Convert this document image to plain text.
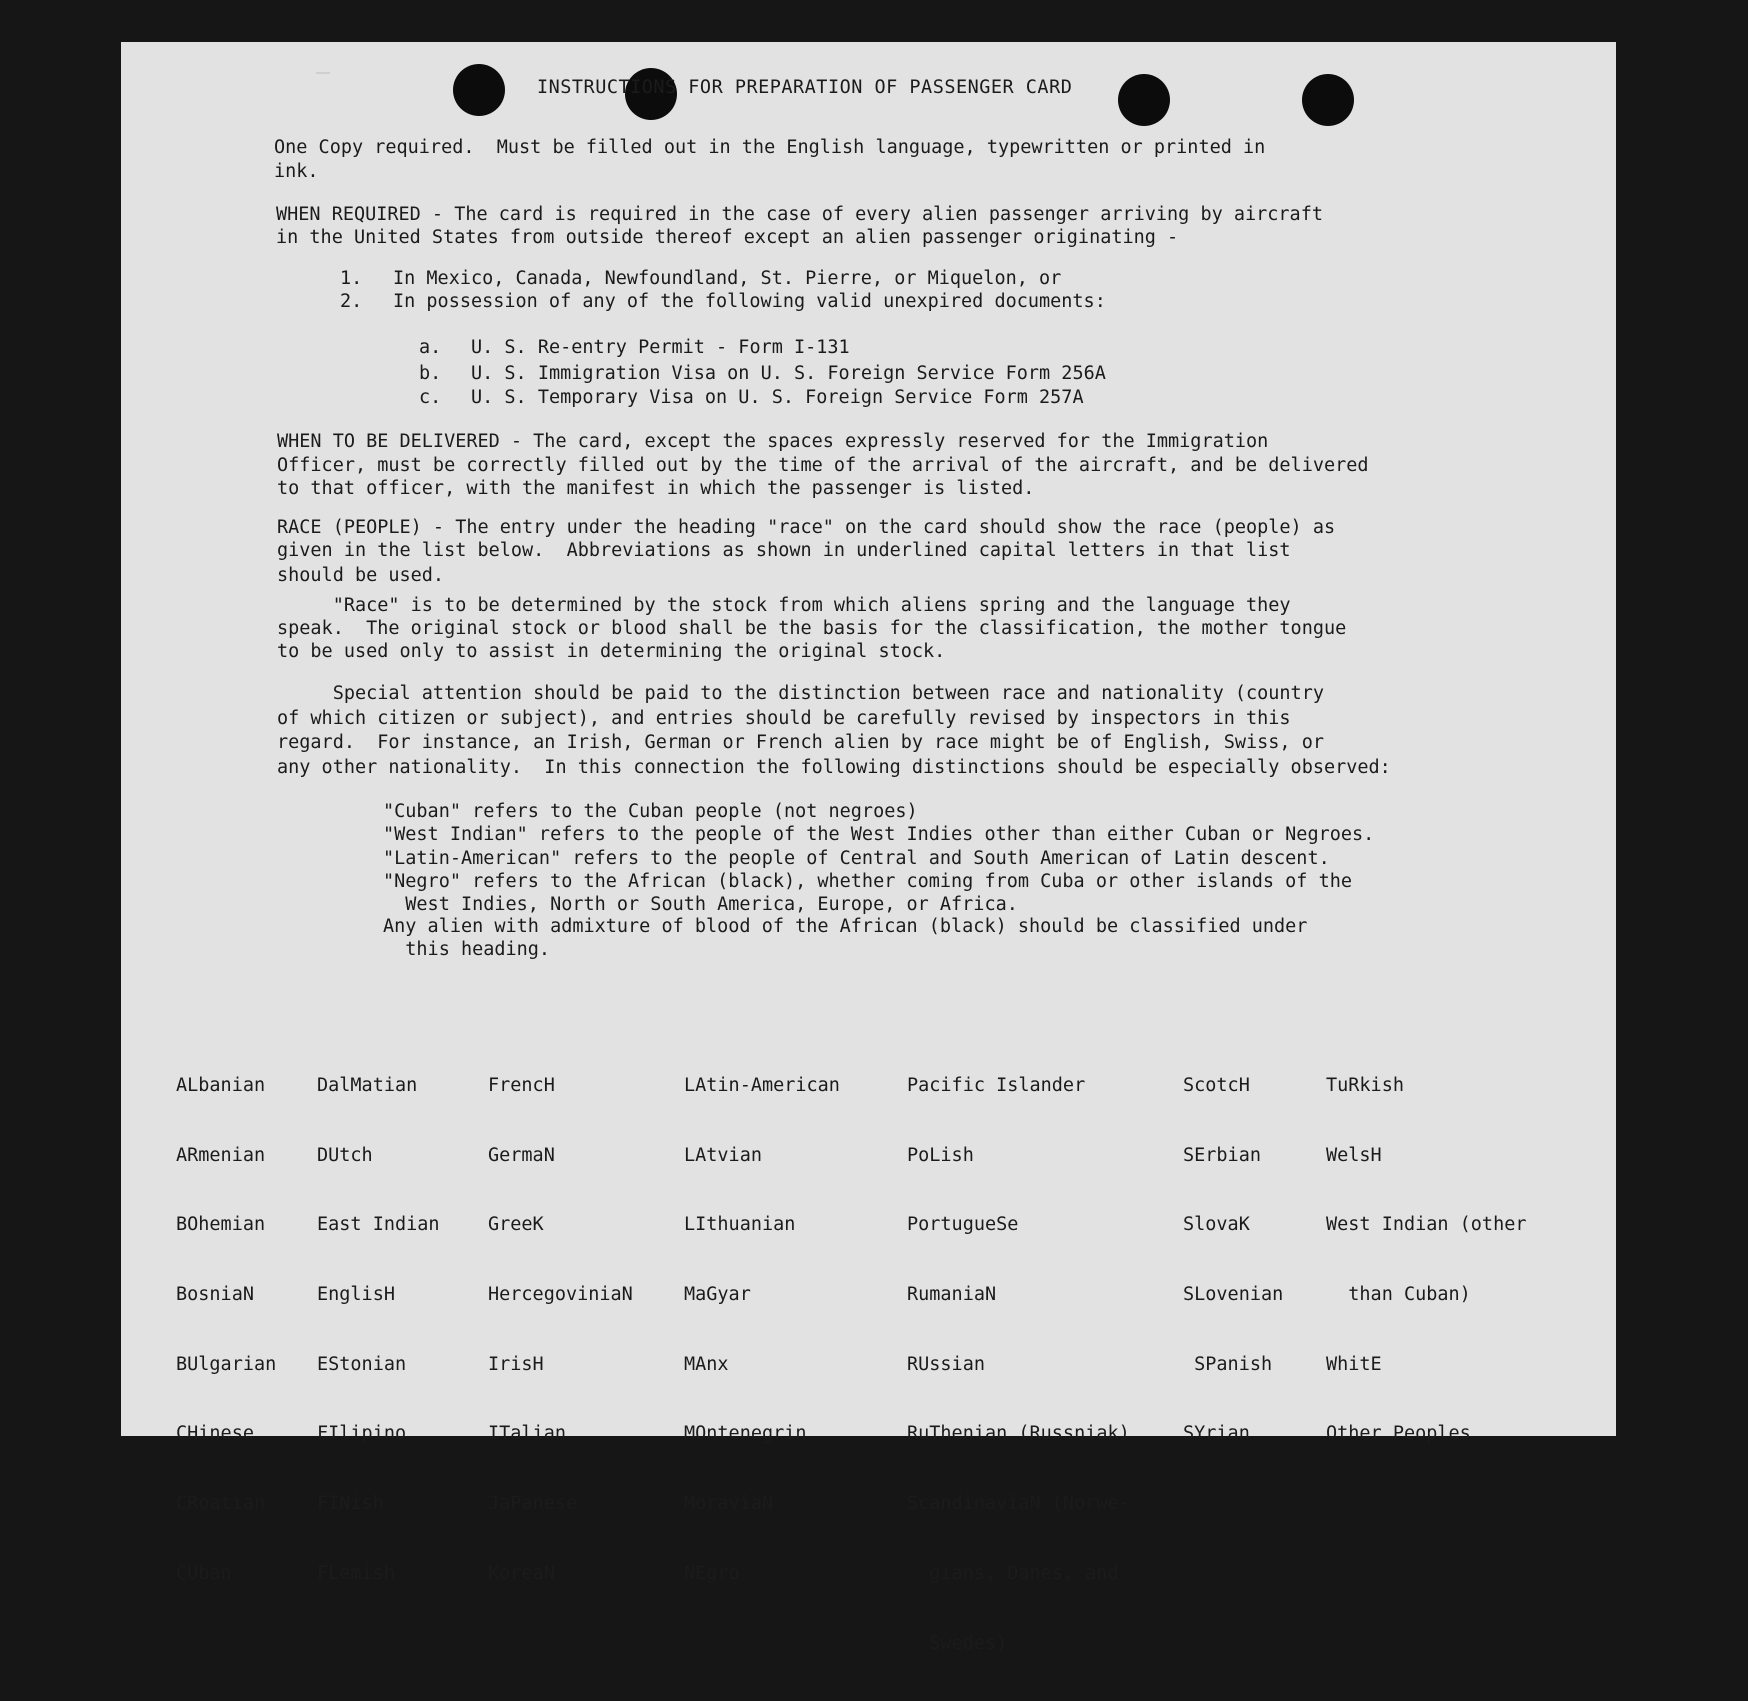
INSTRUCTIONS FOR PREPARATION OF PASSENGER CARD
One Copy required.  Must be filled out in the English language, typewritten or printed in
ink.
WHEN REQUIRED - The card is required in the case of every alien passenger arriving by aircraft
in the United States from outside thereof except an alien passenger originating -
1. In Mexico, Canada, Newfoundland, St. Pierre, or Miquelon, or
2. In possession of any of the following valid unexpired documents:
a. U. S. Re-entry Permit - Form I-131
b. U. S. Immigration Visa on U. S. Foreign Service Form 256A
c. U. S. Temporary Visa on U. S. Foreign Service Form 257A
WHEN TO BE DELIVERED - The card, except the spaces expressly reserved for the Immigration
Officer, must be correctly filled out by the time of the arrival of the aircraft, and be delivered
to that officer, with the manifest in which the passenger is listed.
RACE (PEOPLE) - The entry under the heading "race" on the card should show the race (people) as
given in the list below.  Abbreviations as shown in underlined capital letters in that list
should be used.
"Race" is to be determined by the stock from which aliens spring and the language they
speak.  The original stock or blood shall be the basis for the classification, the mother tongue
to be used only to assist in determining the original stock.
Special attention should be paid to the distinction between race and nationality (country
of which citizen or subject), and entries should be carefully revised by inspectors in this
regard.  For instance, an Irish, German or French alien by race might be of English, Swiss, or
any other nationality.  In this connection the following distinctions should be especially observed:
"Cuban" refers to the Cuban people (not negroes)
"West Indian" refers to the people of the West Indies other than either Cuban or Negroes.
"Latin-American" refers to the people of Central and South American of Latin descent.
"Negro" refers to the African (black), whether coming from Cuba or other islands of the
West Indies, North or South America, Europe, or Africa.
Any alien with admixture of blood of the African (black) should be classified under
this heading.

ALbanian

ARmenian

BOhemian

BosniaN

BUlgarian

CHinese

CRoatian

CUban

DalMatian

DUtch

East Indian

EnglisH

EStonian

FIlipino

FINish

FLemish

FrencH

GermaN

GreeK

HercegoviniaN

IrisH

ITalian

JaPanese

KoreaN

LAtin-American

LAtvian

LIthuanian

MaGyar

MAnx

MOntenegrin

MoraviaN

NEgro

Pacific Islander

PoLish

PortugueSe

RumaniaN

RUssian

RuThenian (Russniak)

ScandinaviaN (Norwe-

gians, Danes, and

Swedes)

ScotcH

SErbian

SlovaK

SLovenian

SPanish

SYrian

TuRkish

WelsH

West Indian (other

than Cuban)

WhitE

Other Peoples
